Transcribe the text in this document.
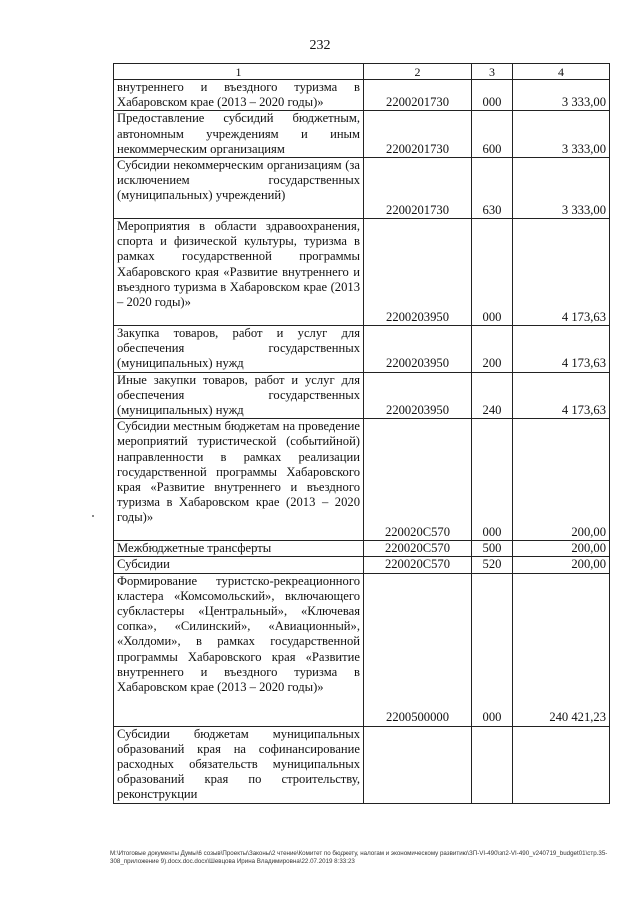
232
1	2	3	4

внутреннего и въездного туризма в Хабаровском крае (2013 – 2020 годы)»	2200201730	000	3 333,00

Предоставление субсидий бюджетным, автономным учреждениям и иным некоммерческим организациям	2200201730	600	3 333,00

Субсидии некоммерческим организациям (за исключением государственных (муниципальных) учреждений)	2200201730	630	3 333,00

Мероприятия в области здравоохранения, спорта и физической культуры, туризма в рамках государственной программы Хабаровского края «Развитие внутреннего и въездного туризма в Хабаровском крае (2013 – 2020 годы)»	2200203950	000	4 173,63

Закупка товаров, работ и услуг для обеспечения государственных (муниципальных) нужд	2200203950	200	4 173,63

Иные закупки товаров, работ и услуг для обеспечения государственных (муниципальных) нужд	2200203950	240	4 173,63

Субсидии местным бюджетам на проведение мероприятий туристической (событийной) направленности в рамках реализации государственной программы Хабаровского края «Развитие внутреннего и въездного туризма в Хабаровском крае (2013 – 2020 годы)»	220020C570	000	200,00

Межбюджетные трансферты	220020C570	500	200,00

Субсидии	220020C570	520	200,00

Формирование туристско-рекреационного кластера «Комсомольский», включающего субкластеры «Центральный», «Ключевая сопка», «Силинский», «Авиационный», «Холдоми», в рамках государственной программы Хабаровского края «Развитие внутреннего и въездного туризма в Хабаровском крае (2013 – 2020 годы)»	2200500000	000	240 421,23

Субсидии бюджетам муниципальных образований края на софинансирование расходных обязательств муниципальных образований края по строительству, реконструкции			

M:\Итоговые документы Думы\6 созыв\Проекты\Законы\2 чтение\Комитет по бюджету, налогам и экономическому развитию\ЗП-VI-490\зп2-VI-490_v240719_budget01\стр.35-308_приложение 9).docx.doc.docx\Шевцова Ирина Владимировна\22.07.2019 8:33:23
